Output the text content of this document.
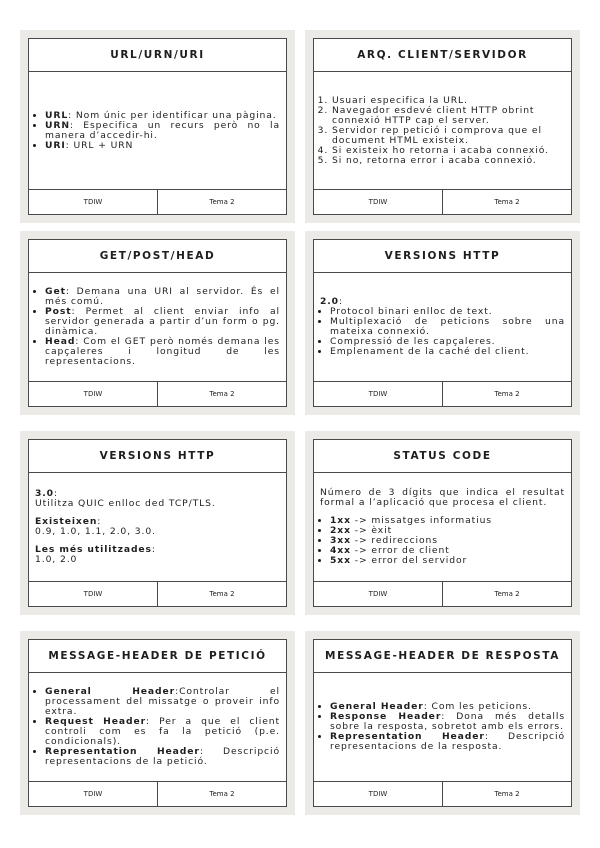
URL/URN/URI
• URL: Nom únic per identificar una pàgina.
• URN: Especifica un recurs però no la manera d’accedir-hi.
• URI: URL + URN
TDIW	Tema 2
ARQ. CLIENT/SERVIDOR
1. Usuari especifica la URL.
2. Navegador esdevé client HTTP obrint connexió HTTP cap el server.
3. Servidor rep petició i comprova que el document HTML existeix.
4. Si existeix ho retorna i acaba connexió.
5. Si no, retorna error i acaba connexió.
TDIW	Tema 2
GET/POST/HEAD
• Get: Demana una URI al servidor. És el més comú.
• Post: Permet al client enviar info al servidor generada a partir d’un form o pg. dinàmica.
• Head: Com el GET però només demana les capçaleres i longitud de les representacions.
TDIW	Tema 2
VERSIONS HTTP

2.0:

• Protocol binari enlloc de text.
• Multiplexació de peticions sobre una mateixa connexió.
• Compressió de les capçaleres.
• Emplenament de la caché del client.
TDIW	Tema 2
VERSIONS HTTP

3.0:

Utilitza QUIC enlloc ded TCP/TLS.

Existeixen:

0.9, 1.0, 1.1, 2.0, 3.0.

Les més utilitzades:

1.0, 2.0

TDIW	Tema 2
STATUS CODE

Número de 3 dígits que indica el resultat formal a l’aplicació que procesa el client.

• 1xx -> missatges informatius
• 2xx -> èxit
• 3xx -> redireccions
• 4xx -> error de client
• 5xx -> error del servidor
TDIW	Tema 2
MESSAGE-HEADER DE PETICIÓ
• General Header:Controlar el processament del missatge o proveir info extra.
• Request Header: Per a que el client controli com es fa la petició (p.e. condicionals).
• Representation Header: Descripció representacions de la petició.
TDIW	Tema 2
MESSAGE-HEADER DE RESPOSTA
• General Header: Com les peticions.
• Response Header: Dona més detalls sobre la resposta, sobretot amb els errors.
• Representation Header: Descripció representacions de la resposta.
TDIW	Tema 2
